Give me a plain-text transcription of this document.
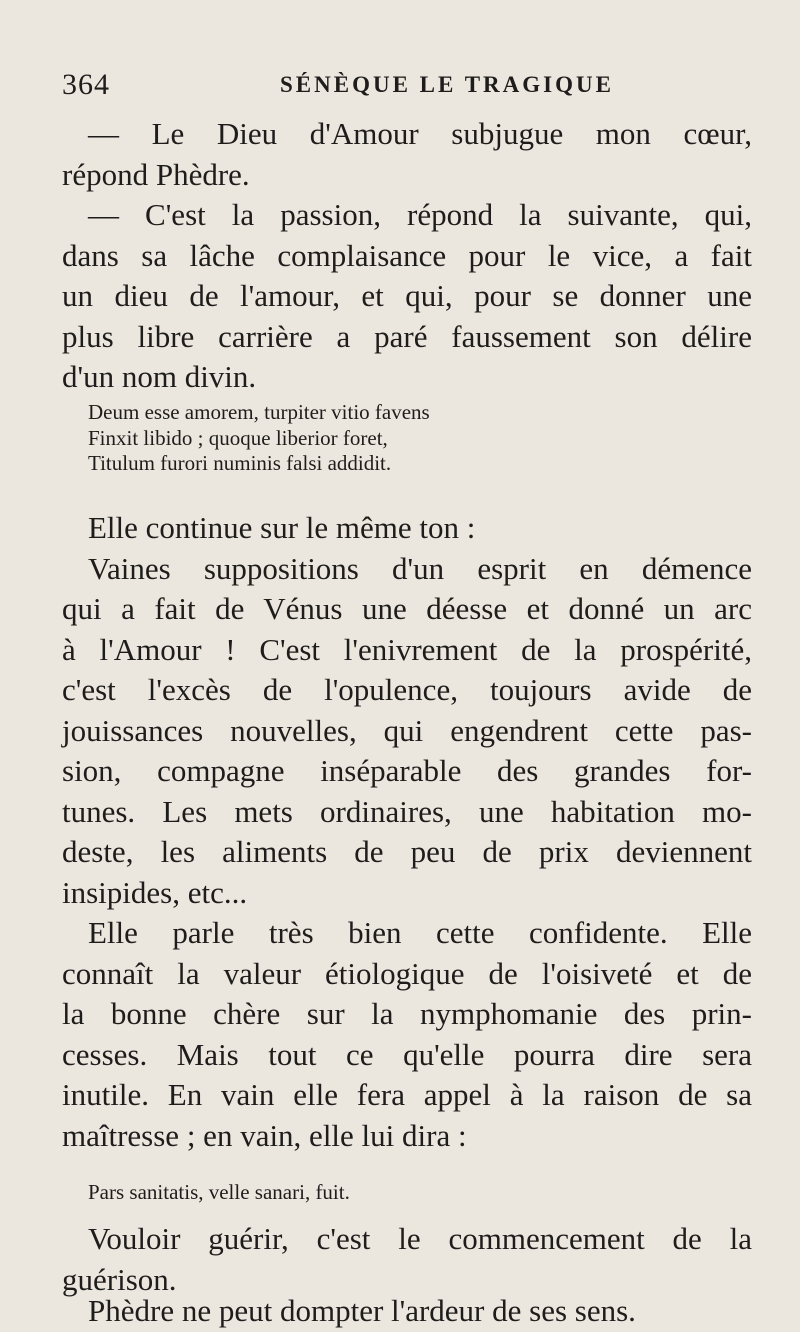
364	SÉNÈQUE LE TRAGIQUE
— Le Dieu d'Amour subjugue mon cœur,
répond Phèdre.
— C'est la passion, répond la suivante, qui,
dans sa lâche complaisance pour le vice, a fait
un dieu de l'amour, et qui, pour se donner une
plus libre carrière a paré faussement son délire
d'un nom divin.
Deum esse amorem, turpiter vitio favens
Finxit libido ; quoque liberior foret,
Titulum furori numinis falsi addidit.
Elle continue sur le même ton :
Vaines suppositions d'un esprit en démence
qui a fait de Vénus une déesse et donné un arc
à l'Amour ! C'est l'enivrement de la prospérité,
c'est l'excès de l'opulence, toujours avide de
jouissances nouvelles, qui engendrent cette pas-
sion, compagne inséparable des grandes for-
tunes. Les mets ordinaires, une habitation mo-
deste, les aliments de peu de prix deviennent
insipides, etc...
Elle parle très bien cette confidente. Elle
connaît la valeur étiologique de l'oisiveté et de
la bonne chère sur la nymphomanie des prin-
cesses. Mais tout ce qu'elle pourra dire sera
inutile. En vain elle fera appel à la raison de sa
maîtresse ; en vain, elle lui dira :
Pars sanitatis, velle sanari, fuit.
Vouloir guérir, c'est le commencement de la
guérison.
Phèdre ne peut dompter l'ardeur de ses sens.
